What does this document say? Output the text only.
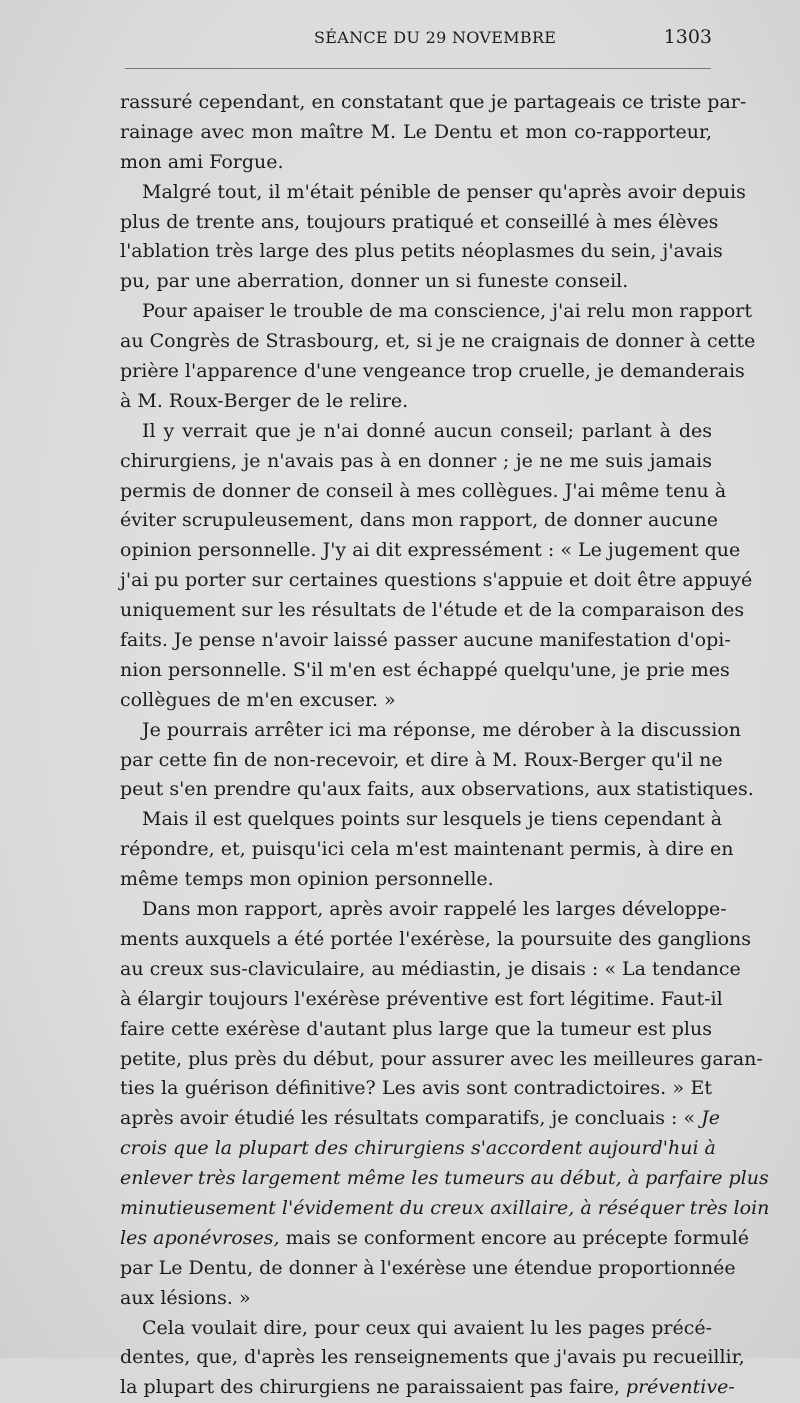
SÉANCE DU 29 NOVEMBRE	1303
rassuré cependant, en constatant que je partageais ce triste par-
rainage avec mon maître M. Le Dentu et mon co-rapporteur,
mon ami Forgue.
Malgré tout, il m'était pénible de penser qu'après avoir depuis
plus de trente ans, toujours pratiqué et conseillé à mes élèves
l'ablation très large des plus petits néoplasmes du sein, j'avais
pu, par une aberration, donner un si funeste conseil.
Pour apaiser le trouble de ma conscience, j'ai relu mon rapport
au Congrès de Strasbourg, et, si je ne craignais de donner à cette
prière l'apparence d'une vengeance trop cruelle, je demanderais
à M. Roux-Berger de le relire.
Il y verrait que je n'ai donné aucun conseil; parlant à des
chirurgiens, je n'avais pas à en donner ; je ne me suis jamais
permis de donner de conseil à mes collègues. J'ai même tenu à
éviter scrupuleusement, dans mon rapport, de donner aucune
opinion personnelle. J'y ai dit expressément : « Le jugement que
j'ai pu porter sur certaines questions s'appuie et doit être appuyé
uniquement sur les résultats de l'étude et de la comparaison des
faits. Je pense n'avoir laissé passer aucune manifestation d'opi-
nion personnelle. S'il m'en est échappé quelqu'une, je prie mes
collègues de m'en excuser. »
Je pourrais arrêter ici ma réponse, me dérober à la discussion
par cette fin de non-recevoir, et dire à M. Roux-Berger qu'il ne
peut s'en prendre qu'aux faits, aux observations, aux statistiques.
Mais il est quelques points sur lesquels je tiens cependant à
répondre, et, puisqu'ici cela m'est maintenant permis, à dire en
même temps mon opinion personnelle.
Dans mon rapport, après avoir rappelé les larges développe-
ments auxquels a été portée l'exérèse, la poursuite des ganglions
au creux sus-claviculaire, au médiastin, je disais : « La tendance
à élargir toujours l'exérèse préventive est fort légitime. Faut-il
faire cette exérèse d'autant plus large que la tumeur est plus
petite, plus près du début, pour assurer avec les meilleures garan-
ties la guérison définitive? Les avis sont contradictoires. » Et
après avoir étudié les résultats comparatifs, je concluais : « Je
crois que la plupart des chirurgiens s'accordent aujourd'hui à
enlever très largement même les tumeurs au début, à parfaire plus
minutieusement l'évidement du creux axillaire, à réséquer très loin
les aponévroses, mais se conforment encore au précepte formulé
par Le Dentu, de donner à l'exérèse une étendue proportionnée
aux lésions. »
Cela voulait dire, pour ceux qui avaient lu les pages précé-
dentes, que, d'après les renseignements que j'avais pu recueillir,
la plupart des chirurgiens ne paraissaient pas faire, préventive-
